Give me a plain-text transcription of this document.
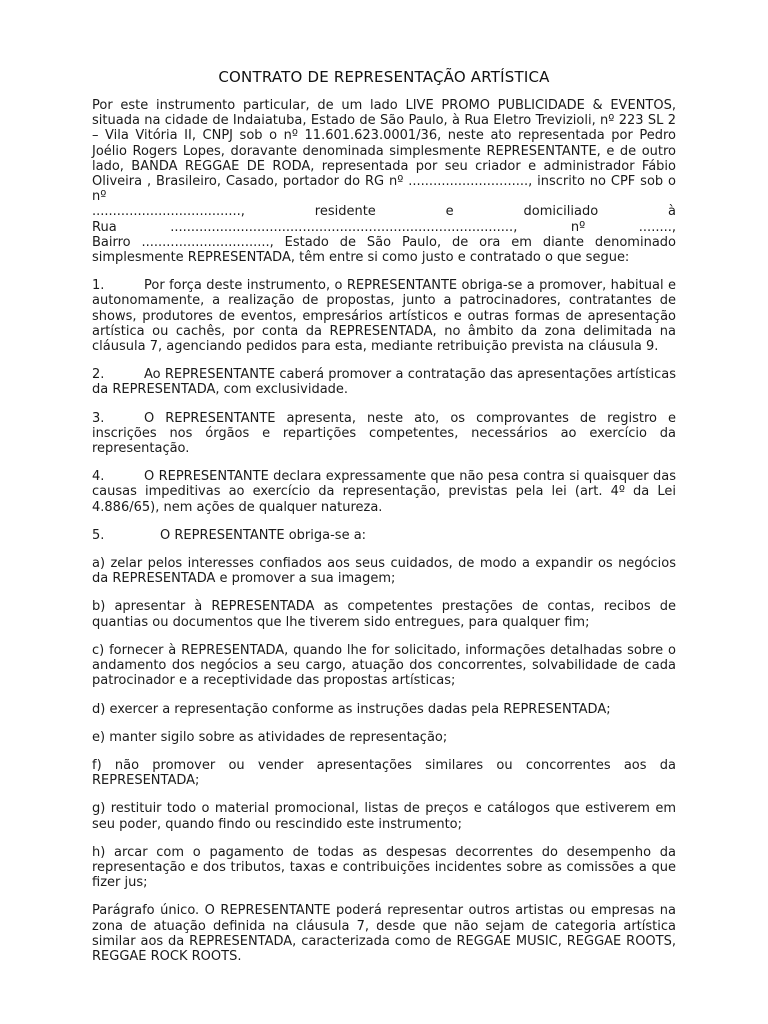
CONTRATO DE REPRESENTAÇÃO ARTÍSTICA
Por este instrumento particular, de um lado LIVE PROMO PUBLICIDADE & EVENTOS, situada na cidade de Indaiatuba, Estado de São Paulo, à Rua Eletro Trevizioli, nº 223 SL 2 – Vila Vitória II, CNPJ sob o nº 11.601.623.0001/36, neste ato representada por Pedro Joélio Rogers Lopes, doravante denominada simplesmente REPRESENTANTE, e de outro lado, BANDA REGGAE DE RODA, representada por seu criador e administrador Fábio Oliveira , Brasileiro, Casado, portador do RG nº ............................., inscrito no CPF sob o nº
...................................., residente e domiciliado à
Rua ..................................................................................., nº ........,
Bairro ..............................., Estado de São Paulo, de ora em diante denominado simplesmente REPRESENTADA, têm entre si como justo e contratado o que segue:

1.	Por força deste instrumento, o REPRESENTANTE obriga-se a promover, habitual e autonomamente, a realização de propostas, junto a patrocinadores, contratantes de shows, produtores de eventos, empresários artísticos e outras formas de apresentação artística ou cachês, por conta da REPRESENTADA, no âmbito da zona delimitada na cláusula 7, agenciando pedidos para esta, mediante retribuição prevista na cláusula 9.

2.	Ao REPRESENTANTE caberá promover a contratação das apresentações artísticas da REPRESENTADA, com exclusividade.

3.	O REPRESENTANTE apresenta, neste ato, os comprovantes de registro e inscrições nos órgãos e repartições competentes, necessários ao exercício da representação.

4.	O REPRESENTANTE declara expressamente que não pesa contra si quaisquer das causas impeditivas ao exercício da representação, previstas pela lei (art. 4º da Lei 4.886/65), nem ações de qualquer natureza.

5.	O REPRESENTANTE obriga-se a:

a) zelar pelos interesses confiados aos seus cuidados, de modo a expandir os negócios da REPRESENTADA e promover a sua imagem;

b) apresentar à REPRESENTADA as competentes prestações de contas, recibos de quantias ou documentos que lhe tiverem sido entregues, para qualquer fim;

c) fornecer à REPRESENTADA, quando lhe for solicitado, informações detalhadas sobre o andamento dos negócios a seu cargo, atuação dos concorrentes, solvabilidade de cada patrocinador e a receptividade das propostas artísticas;

d) exercer a representação conforme as instruções dadas pela REPRESENTADA;

e) manter sigilo sobre as atividades de representação;

f) não promover ou vender apresentações similares ou concorrentes aos da REPRESENTADA;

g) restituir todo o material promocional, listas de preços e catálogos que estiverem em seu poder, quando findo ou rescindido este instrumento;

h) arcar com o pagamento de todas as despesas decorrentes do desempenho da representação e dos tributos, taxas e contribuições incidentes sobre as comissões a que fizer jus;

Parágrafo único. O REPRESENTANTE poderá representar outros artistas ou empresas na zona de atuação definida na cláusula 7, desde que não sejam de categoria artística similar aos da REPRESENTADA, caracterizada como de REGGAE MUSIC, REGGAE ROOTS, REGGAE ROCK ROOTS.
